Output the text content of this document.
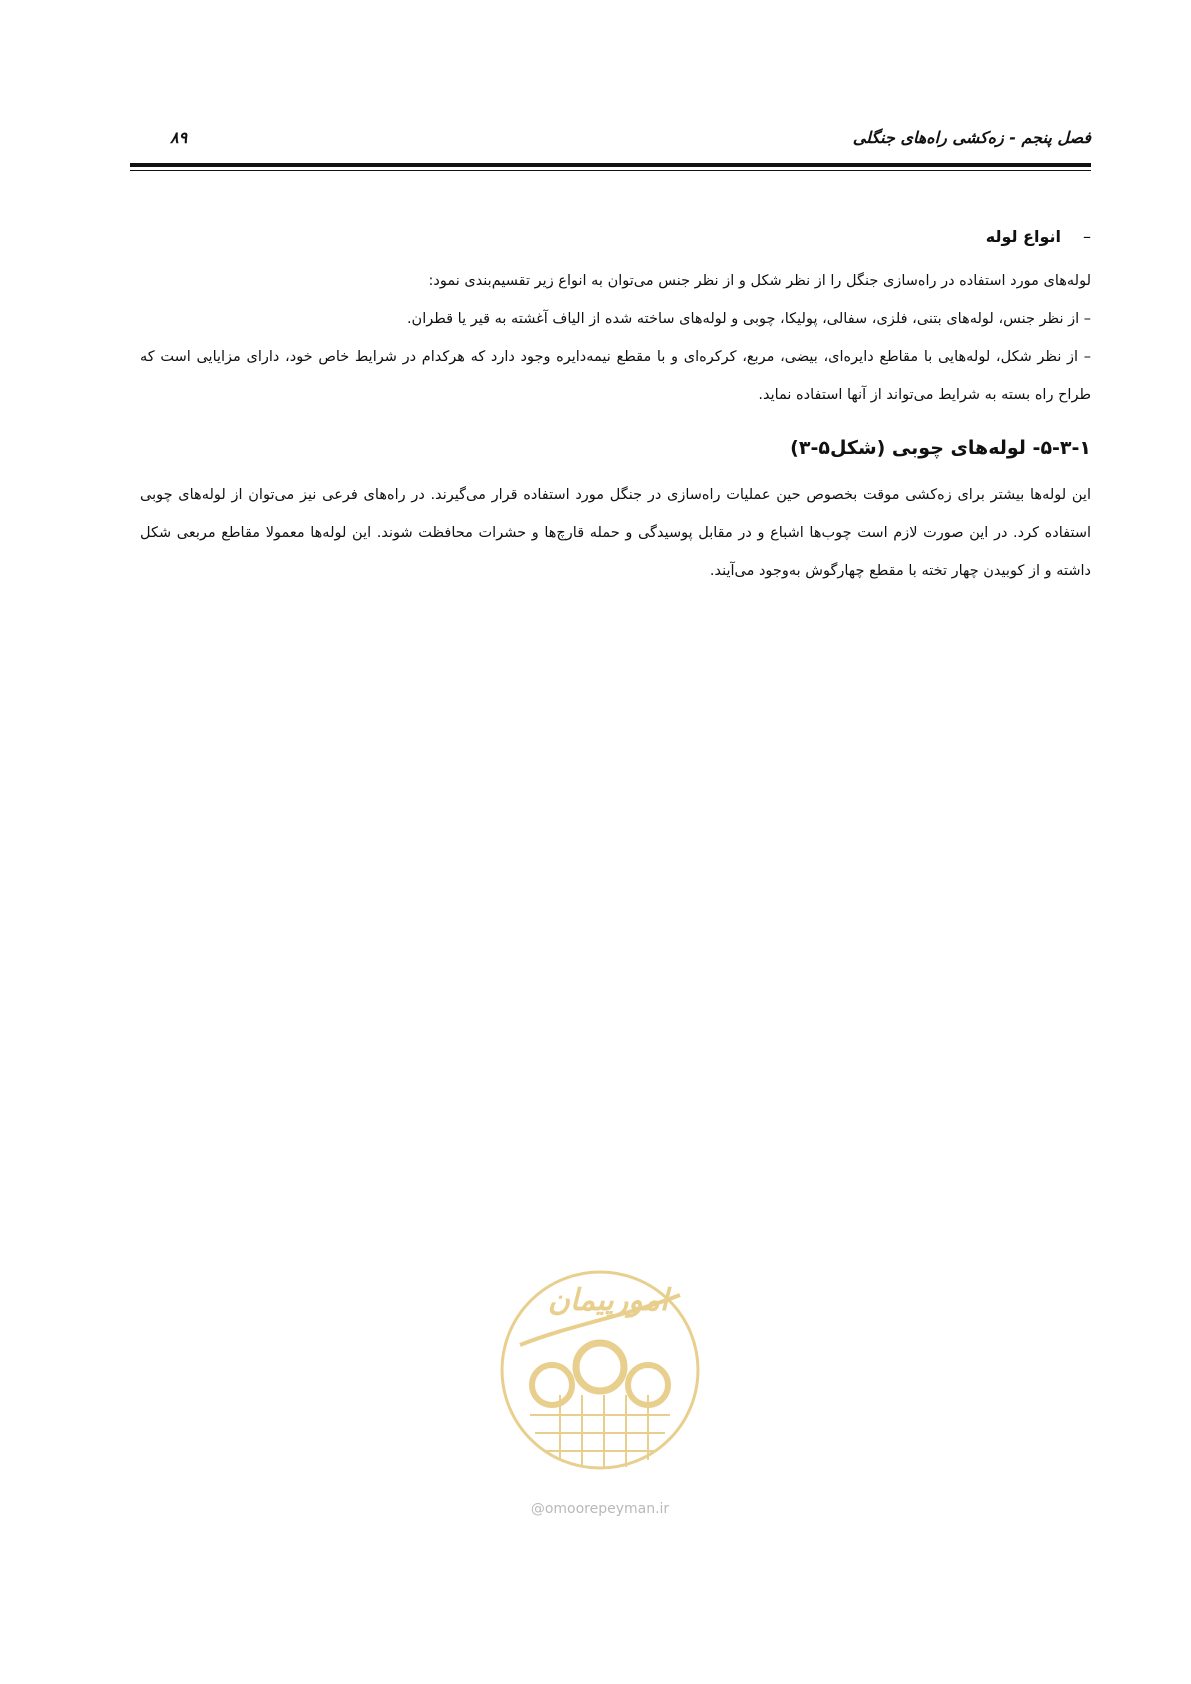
فصل پنجم - زه‌کشی راه‌های جنگلی
۸۹
–انواع لوله

لوله‌های مورد استفاده در راه‌سازی جنگل را از نظر شکل و از نظر جنس می‌توان به انواع زیر تقسیم‌بندی نمود:

– از نظر جنس، لوله‌های بتنی، فلزی، سفالی، پولیکا، چوبی و لوله‌های ساخته شده از الیاف آغشته به قیر یا قطران.

– از نظر شکل، لوله‌هایی با مقاطع دایره‌ای، بیضی، مربع، کرکره‌ای و با مقطع نیمه‌دایره وجود دارد که هرکدام در شرایط خاص خود، دارای مزایایی است که طراح راه بسته به شرایط می‌تواند از آنها استفاده نماید.

۵-۳-۱- لوله‌های چوبی (شکل۵-۳)

این لوله‌ها بیشتر برای زه‌کشی موقت بخصوص حین عملیات راه‌سازی در جنگل مورد استفاده قرار می‌گیرند. در راه‌های فرعی نیز می‌توان از لوله‌های چوبی استفاده کرد. در این صورت لازم است چوب‌ها اشباع و در مقابل پوسیدگی و حمله قارچ‌ها و حشرات محافظت شوند. این لوله‌ها معمولا مقاطع مربعی شکل داشته و از کوبیدن چهار تخته با مقطع چهارگوش به‌وجود می‌آیند.

امورپیمان
@omoorepeyman.ir
